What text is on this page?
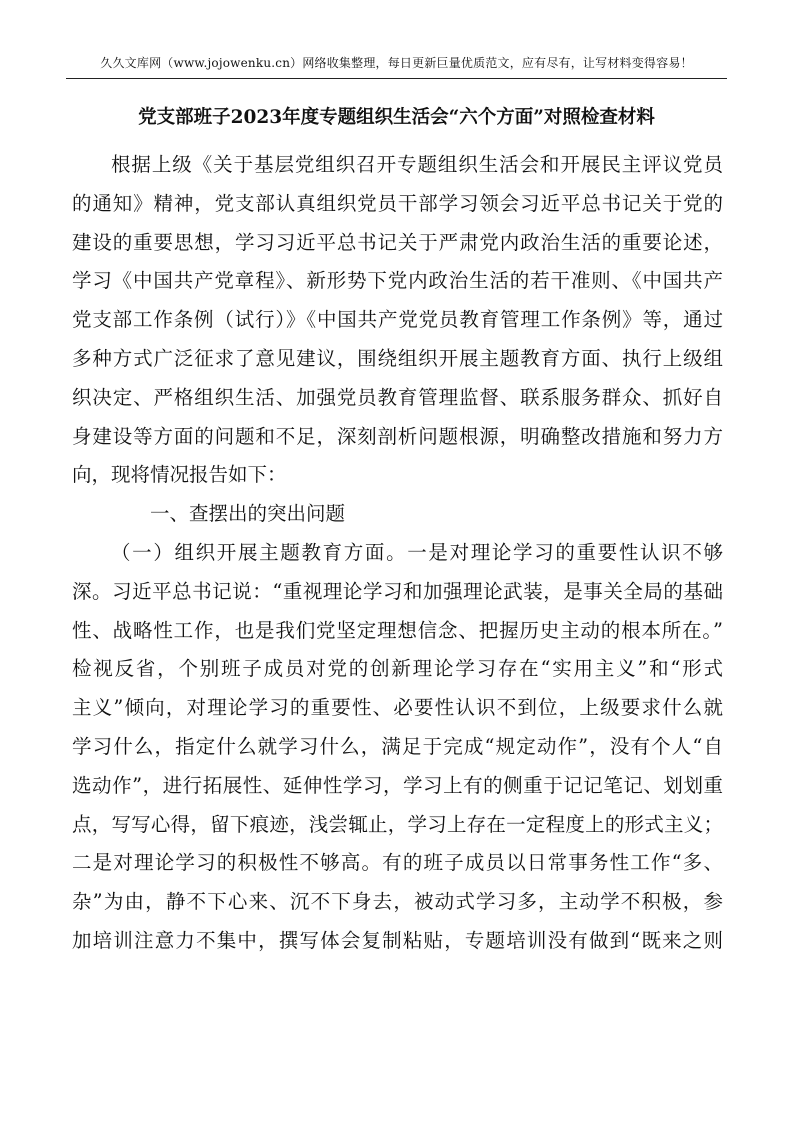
久久文库网（www.jojowenku.cn）网络收集整理，每日更新巨量优质范文，应有尽有，让写材料变得容易！
党支部班子2023年度专题组织生活会“六个方面”对照检查材料
根据上级《关于基层党组织召开专题组织生活会和开展民主评议党员
的通知》精神，党支部认真组织党员干部学习领会习近平总书记关于党的
建设的重要思想，学习习近平总书记关于严肃党内政治生活的重要论述，
学习《中国共产党章程》、新形势下党内政治生活的若干准则、《中国共产
党支部工作条例（试行）》《中国共产党党员教育管理工作条例》等，通过
多种方式广泛征求了意见建议，围绕组织开展主题教育方面、执行上级组
织决定、严格组织生活、加强党员教育管理监督、联系服务群众、抓好自
身建设等方面的问题和不足，深刻剖析问题根源，明确整改措施和努力方
向，现将情况报告如下：
一、查摆出的突出问题
（一）组织开展主题教育方面。一是对理论学习的重要性认识不够
深。习近平总书记说：“重视理论学习和加强理论武装，是事关全局的基础
性、战略性工作，也是我们党坚定理想信念、把握历史主动的根本所在。”
检视反省，个别班子成员对党的创新理论学习存在“实用主义”和“形式
主义”倾向，对理论学习的重要性、必要性认识不到位，上级要求什么就
学习什么，指定什么就学习什么，满足于完成“规定动作”，没有个人“自
选动作”，进行拓展性、延伸性学习，学习上有的侧重于记记笔记、划划重
点，写写心得，留下痕迹，浅尝辄止，学习上存在一定程度上的形式主义；
二是对理论学习的积极性不够高。有的班子成员以日常事务性工作“多、
杂”为由，静不下心来、沉不下身去，被动式学习多，主动学不积极，参
加培训注意力不集中，撰写体会复制粘贴，专题培训没有做到“既来之则
